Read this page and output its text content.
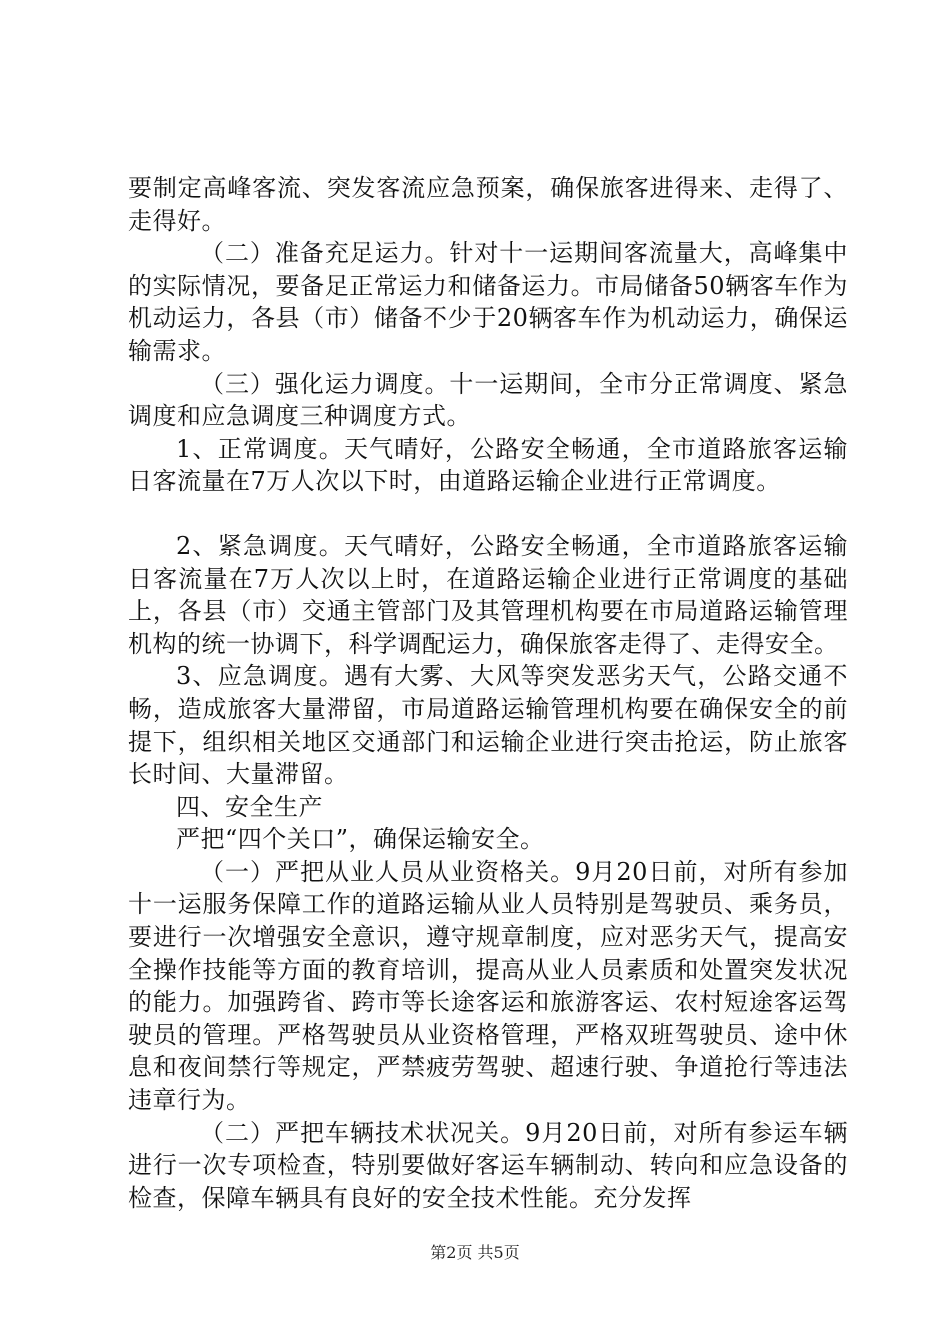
要制定高峰客流、突发客流应急预案，确保旅客进得来、走得了、走得好。

（二）准备充足运力。针对十一运期间客流量大，高峰集中的实际情况，要备足正常运力和储备运力。市局储备50辆客车作为机动运力，各县（市）储备不少于20辆客车作为机动运力，确保运输需求。

（三）强化运力调度。十一运期间，全市分正常调度、紧急调度和应急调度三种调度方式。

1、正常调度。天气晴好，公路安全畅通，全市道路旅客运输日客流量在7万人次以下时，由道路运输企业进行正常调度。

2、紧急调度。天气晴好，公路安全畅通，全市道路旅客运输日客流量在7万人次以上时，在道路运输企业进行正常调度的基础上，各县（市）交通主管部门及其管理机构要在市局道路运输管理机构的统一协调下，科学调配运力，确保旅客走得了、走得安全。

3、应急调度。遇有大雾、大风等突发恶劣天气，公路交通不畅，造成旅客大量滞留，市局道路运输管理机构要在确保安全的前提下，组织相关地区交通部门和运输企业进行突击抢运，防止旅客长时间、大量滞留。

四、安全生产

严把“四个关口”，确保运输安全。

（一）严把从业人员从业资格关。9月20日前，对所有参加十一运服务保障工作的道路运输从业人员特别是驾驶员、乘务员，要进行一次增强安全意识，遵守规章制度，应对恶劣天气，提高安全操作技能等方面的教育培训，提高从业人员素质和处置突发状况的能力。加强跨省、跨市等长途客运和旅游客运、农村短途客运驾驶员的管理。严格驾驶员从业资格管理，严格双班驾驶员、途中休息和夜间禁行等规定，严禁疲劳驾驶、超速行驶、争道抢行等违法违章行为。

（二）严把车辆技术状况关。9月20日前，对所有参运车辆进行一次专项检查，特别要做好客运车辆制动、转向和应急设备的检查，保障车辆具有良好的安全技术性能。充分发挥

第2页 共5页
